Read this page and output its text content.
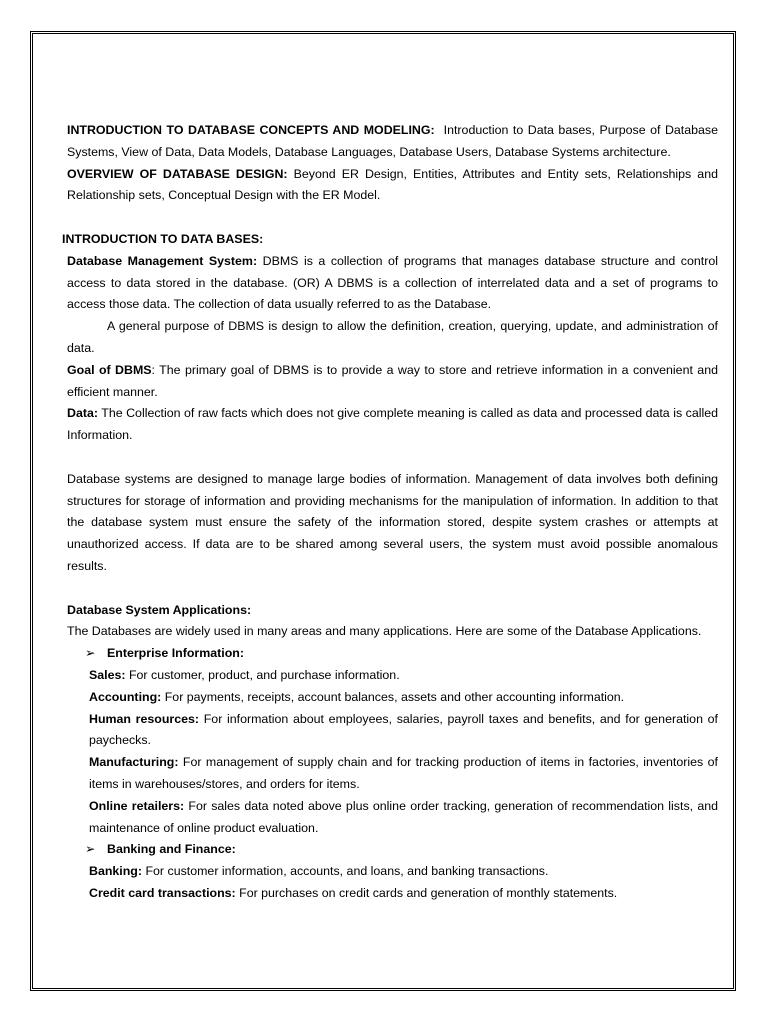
INTRODUCTION TO DATABASE CONCEPTS AND MODELING: Introduction to Data bases, Purpose of Database Systems, View of Data, Data Models, Database Languages, Database Users, Database Systems architecture.

OVERVIEW OF DATABASE DESIGN: Beyond ER Design, Entities, Attributes and Entity sets, Relationships and Relationship sets, Conceptual Design with the ER Model.

INTRODUCTION TO DATA BASES:

Database Management System: DBMS is a collection of programs that manages database structure and control access to data stored in the database. (OR) A DBMS is a collection of interrelated data and a set of programs to access those data. The collection of data usually referred to as the Database.

A general purpose of DBMS is design to allow the definition, creation, querying, update, and administration of data.

Goal of DBMS: The primary goal of DBMS is to provide a way to store and retrieve information in a convenient and efficient manner.

Data: The Collection of raw facts which does not give complete meaning is called as data and processed data is called Information.

Database systems are designed to manage large bodies of information. Management of data involves both defining structures for storage of information and providing mechanisms for the manipulation of information. In addition to that the database system must ensure the safety of the information stored, despite system crashes or attempts at unauthorized access. If data are to be shared among several users, the system must avoid possible anomalous results.

Database System Applications:

The Databases are widely used in many areas and many applications. Here are some of the Database Applications.

➢ Enterprise Information:

Sales: For customer, product, and purchase information.

Accounting: For payments, receipts, account balances, assets and other accounting information.

Human resources: For information about employees, salaries, payroll taxes and benefits, and for generation of paychecks.

Manufacturing: For management of supply chain and for tracking production of items in factories, inventories of items in warehouses/stores, and orders for items.

Online retailers: For sales data noted above plus online order tracking, generation of recommendation lists, and maintenance of online product evaluation.

➢ Banking and Finance:

Banking: For customer information, accounts, and loans, and banking transactions.

Credit card transactions: For purchases on credit cards and generation of monthly statements.
